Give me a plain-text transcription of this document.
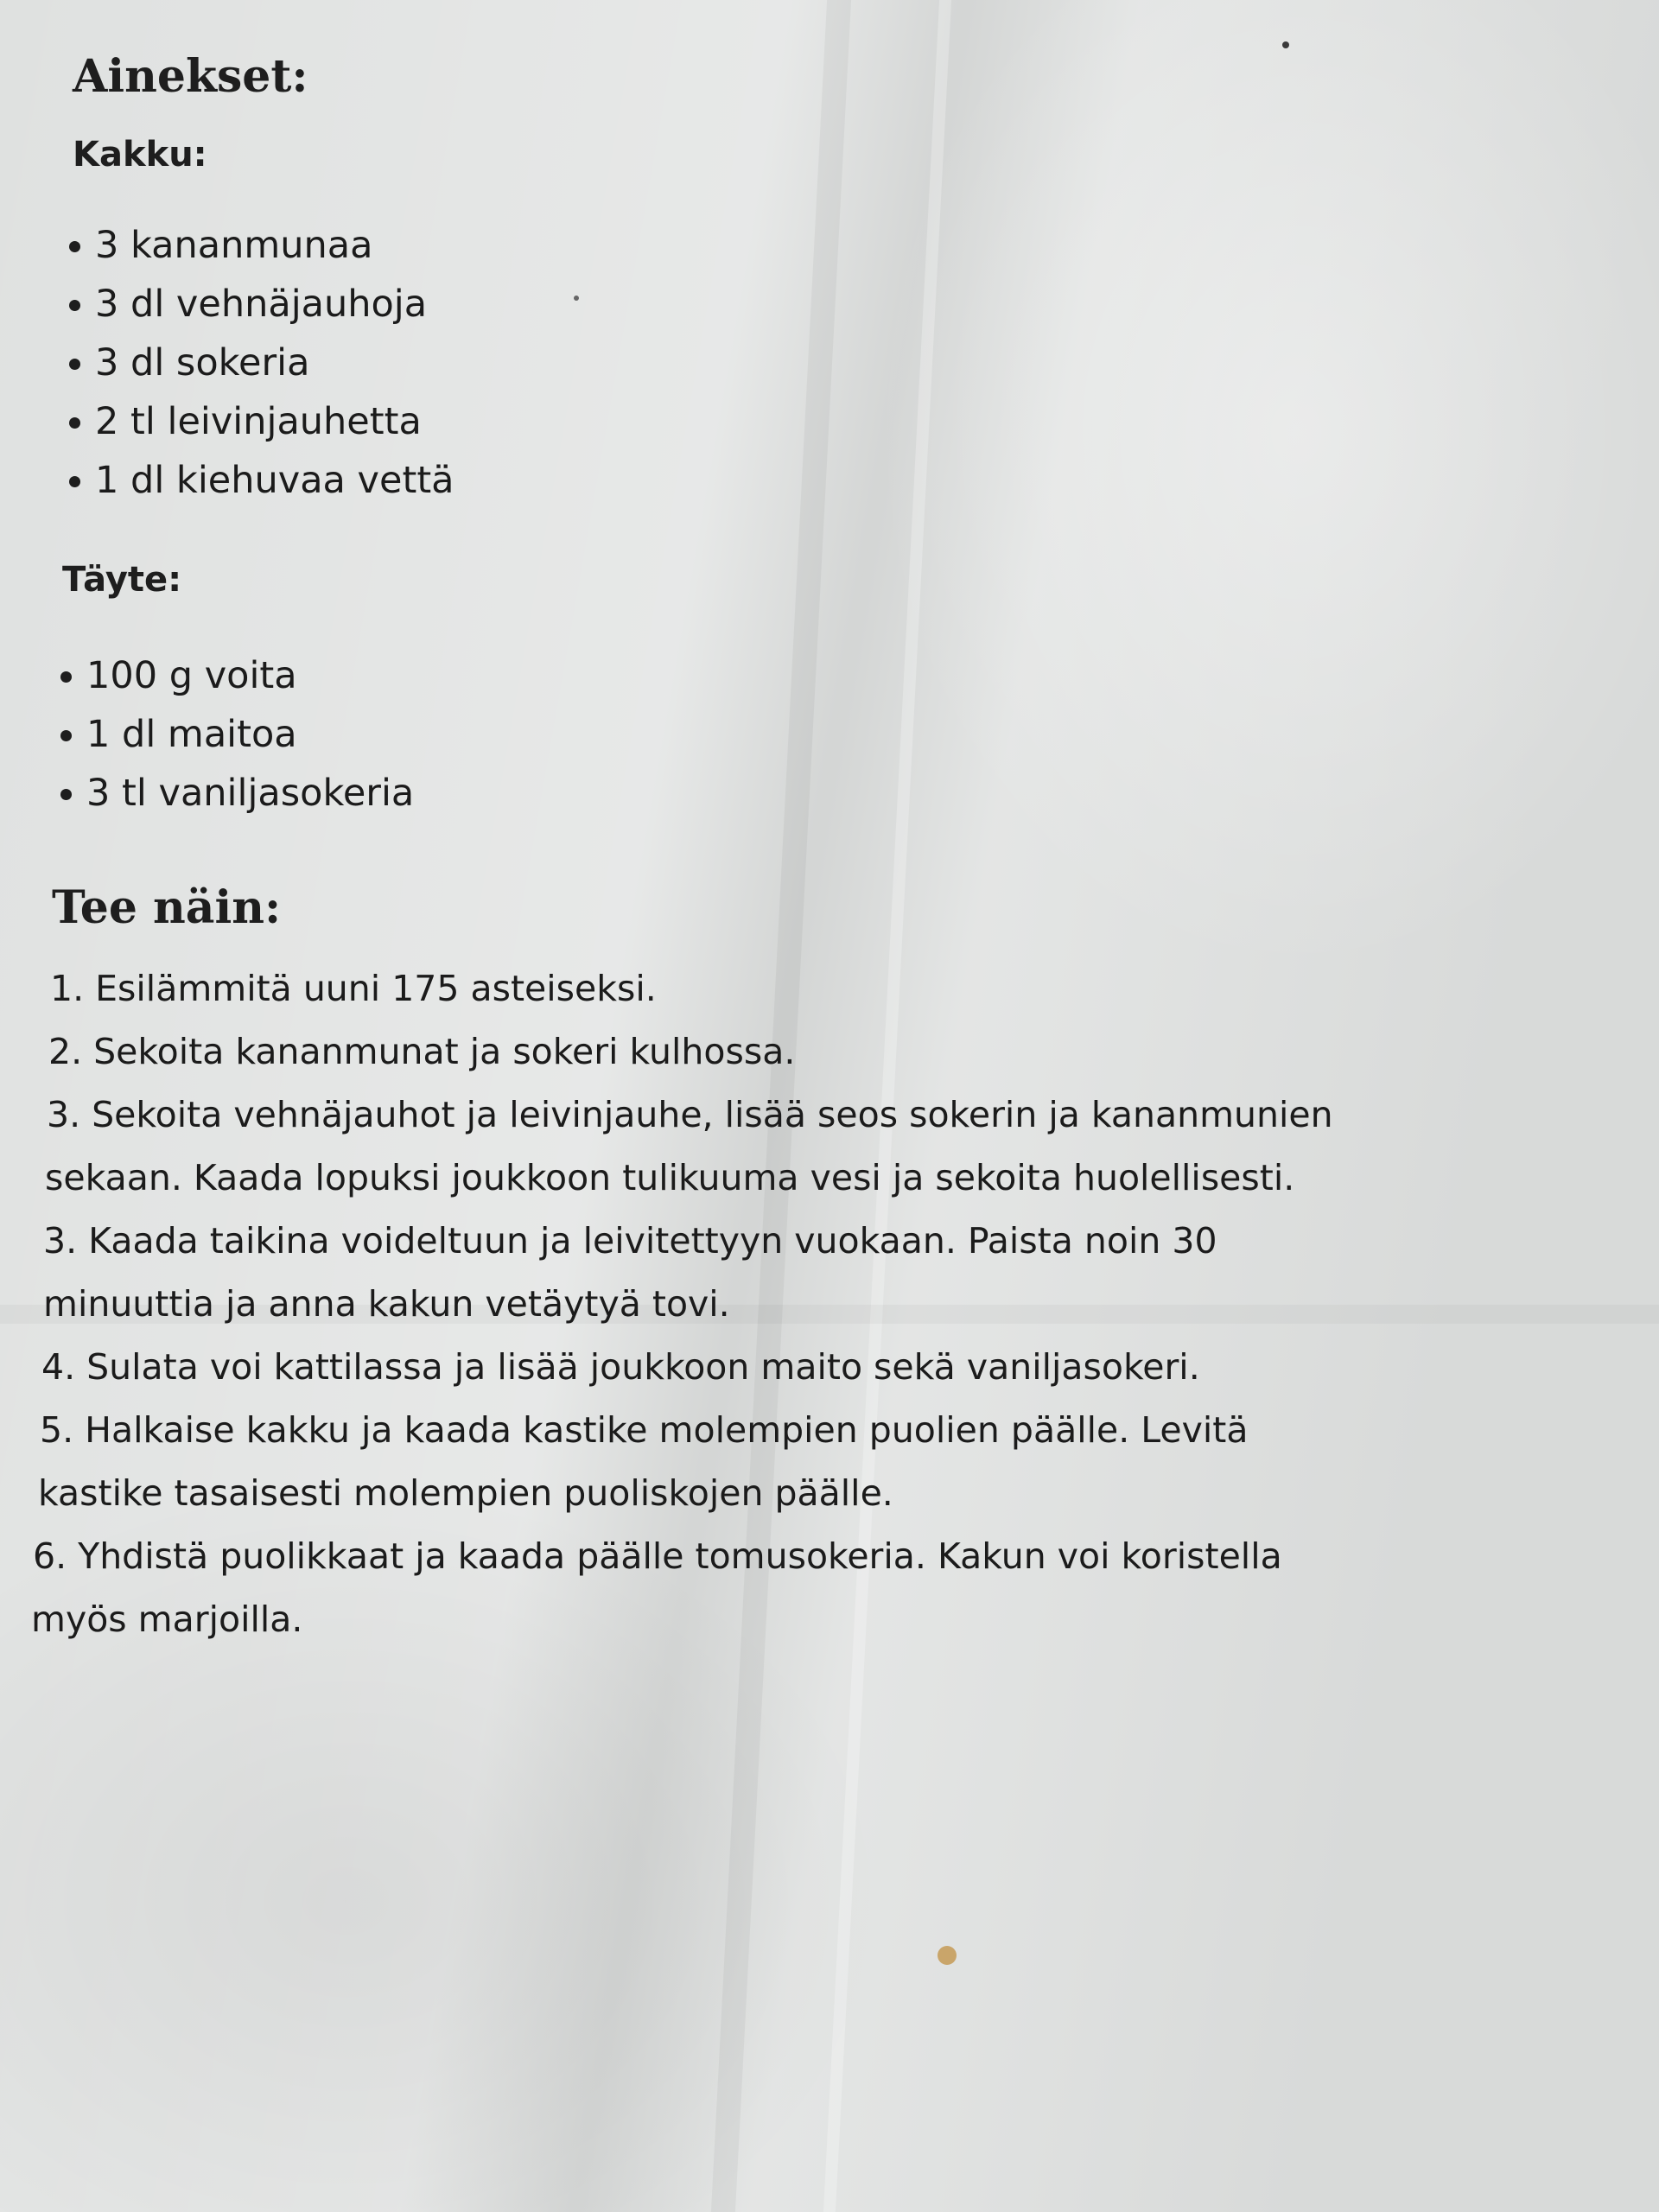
Ainekset:
Kakku:
3 kananmunaa
3 dl vehnäjauhoja
3 dl sokeria
2 tl leivinjauhetta
1 dl kiehuvaa vettä
Täyte:
100 g voita
1 dl maitoa
3 tl vaniljasokeria
Tee näin:
1. Esilämmitä uuni 175 asteiseksi.
2. Sekoita kananmunat ja sokeri kulhossa.
3. Sekoita vehnäjauhot ja leivinjauhe, lisää seos sokerin ja kananmunien
sekaan. Kaada lopuksi joukkoon tulikuuma vesi ja sekoita huolellisesti.
3. Kaada taikina voideltuun ja leivitettyyn vuokaan. Paista noin 30
minuuttia ja anna kakun vetäytyä tovi.
4. Sulata voi kattilassa ja lisää joukkoon maito sekä vaniljasokeri.
5. Halkaise kakku ja kaada kastike molempien puolien päälle. Levitä
kastike tasaisesti molempien puoliskojen päälle.
6. Yhdistä puolikkaat ja kaada päälle tomusokeria. Kakun voi koristella
myös marjoilla.
